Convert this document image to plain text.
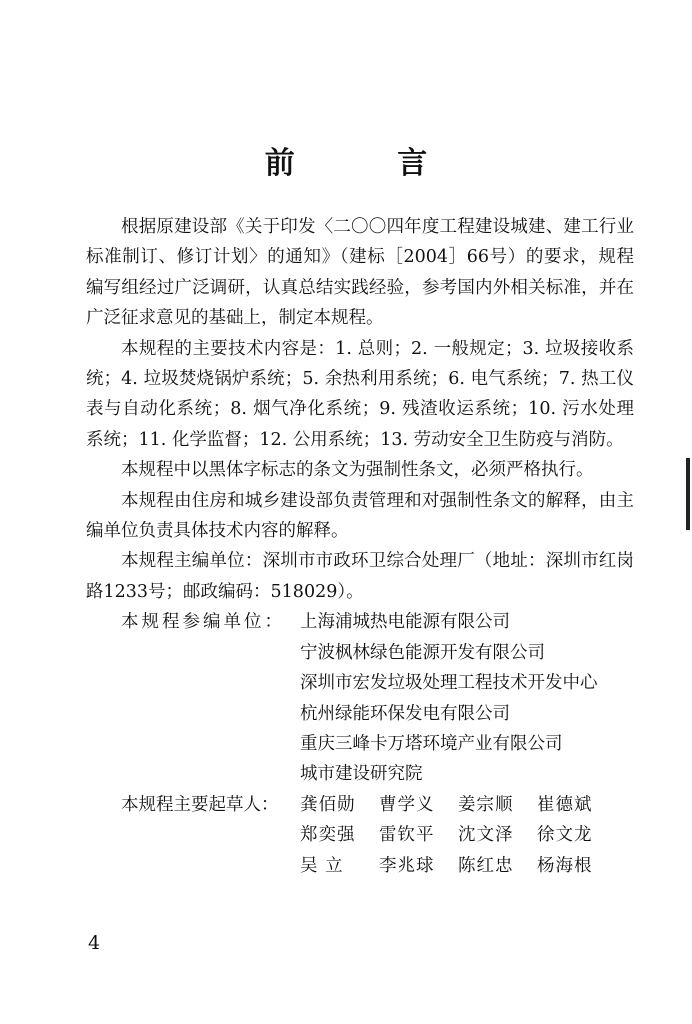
前 言

根据原建设部《关于印发〈二〇〇四年度工程建设城建、建工行业标准制订、修订计划〉的通知》（建标［2004］66号）的要求，规程编写组经过广泛调研，认真总结实践经验，参考国内外相关标准，并在广泛征求意见的基础上，制定本规程。

本规程的主要技术内容是：1. 总则；2. 一般规定；3. 垃圾接收系统；4. 垃圾焚烧锅炉系统；5. 余热利用系统；6. 电气系统；7. 热工仪表与自动化系统；8. 烟气净化系统；9. 残渣收运系统；10. 污水处理系统；11. 化学监督；12. 公用系统；13. 劳动安全卫生防疫与消防。

本规程中以黑体字标志的条文为强制性条文，必须严格执行。

本规程由住房和城乡建设部负责管理和对强制性条文的解释，由主编单位负责具体技术内容的解释。

本规程主编单位：深圳市市政环卫综合处理厂（地址：深圳市红岗路1233号；邮政编码：518029）。

本规程参编单位： 上海浦城热电能源有限公司
宁波枫林绿色能源开发有限公司
深圳市宏发垃圾处理工程技术开发中心
杭州绿能环保发电有限公司
重庆三峰卡万塔环境产业有限公司
城市建设研究院
本规程主要起草人：	龚佰勋	曹学义	姜宗顺	崔德斌
郑奕强	雷钦平	沈文泽	徐文龙
吴 立	李兆球	陈红忠	杨海根
4
